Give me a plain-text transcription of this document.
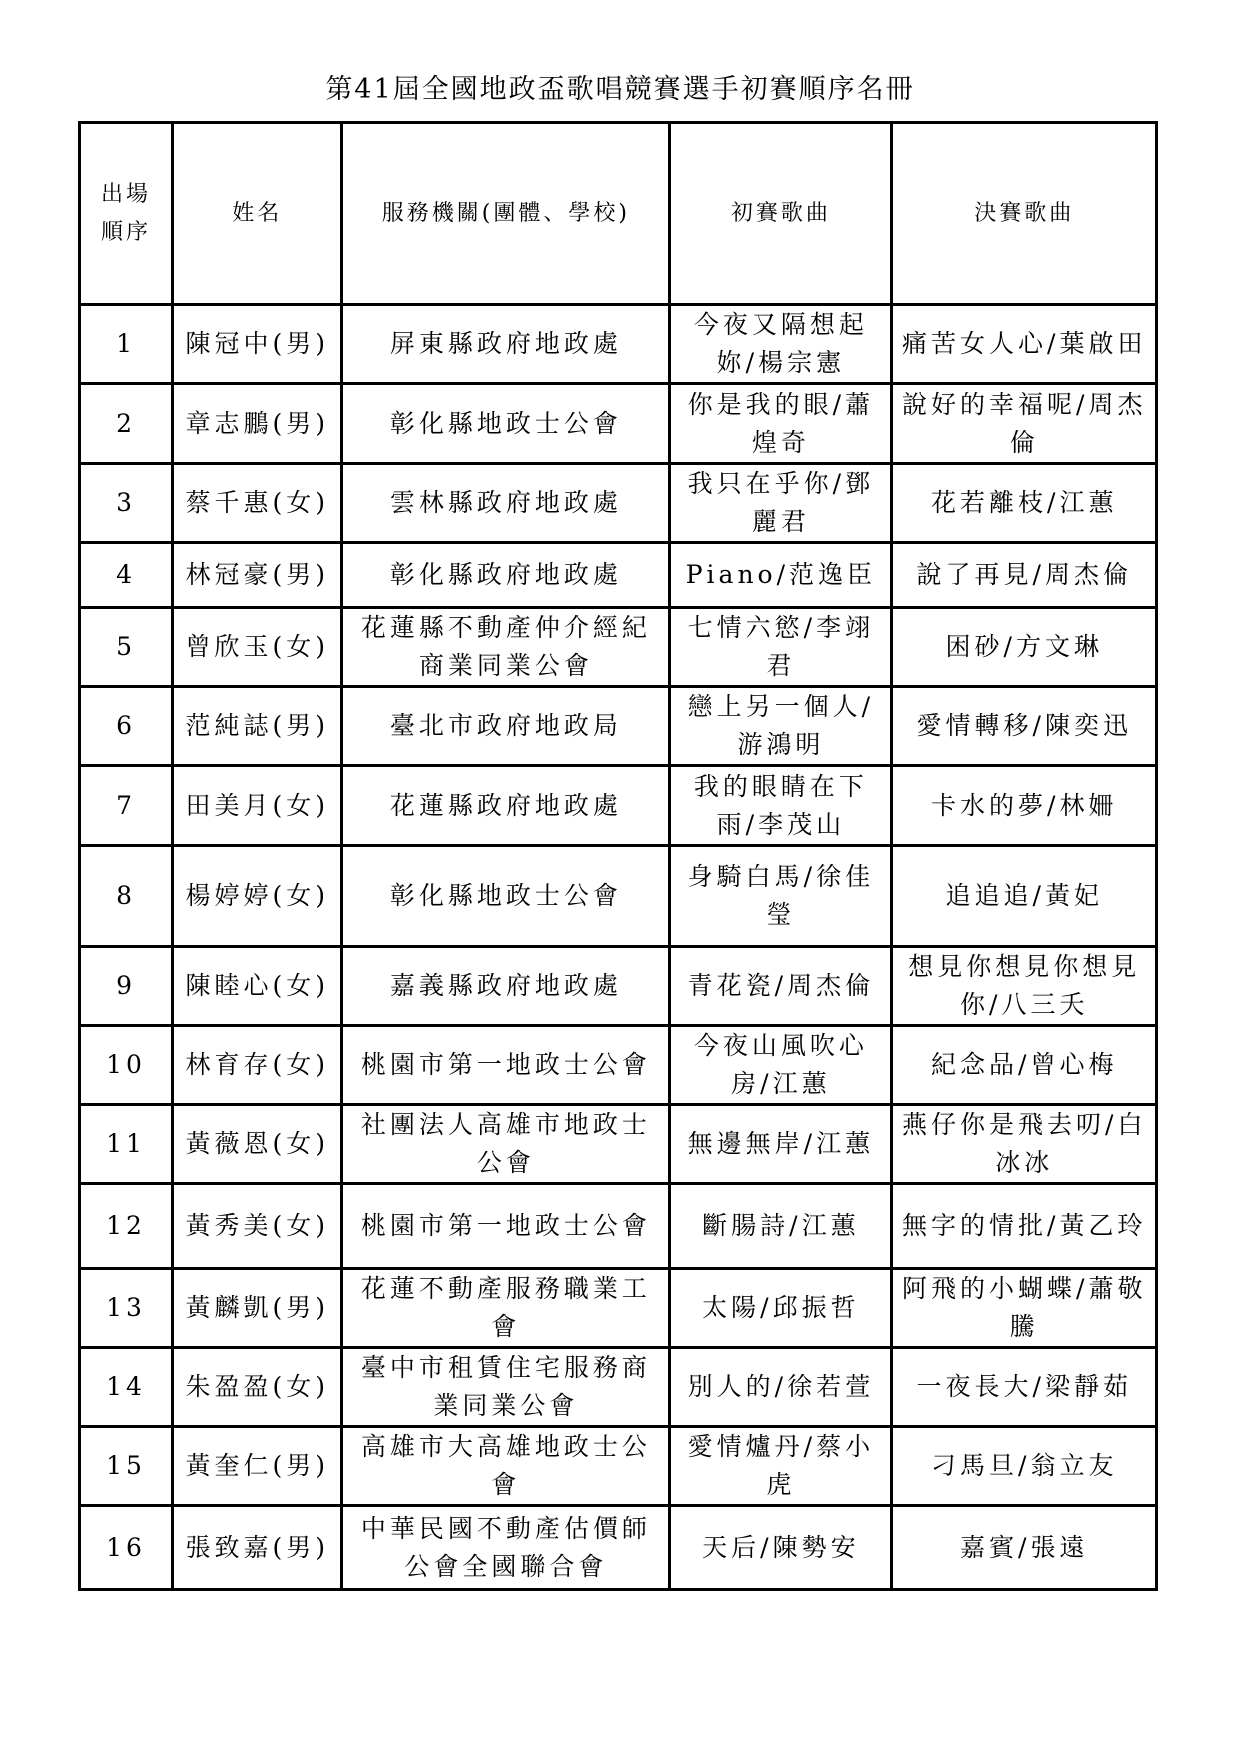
第41屆全國地政盃歌唱競賽選手初賽順序名冊
出場
順序	姓名	服務機關(團體、學校)	初賽歌曲	決賽歌曲
1	陳冠中(男)	屏東縣政府地政處	今夜又隔想起妳/楊宗憲	痛苦女人心/葉啟田
2	章志鵬(男)	彰化縣地政士公會	你是我的眼/蕭煌奇	說好的幸福呢/周杰倫
3	蔡千惠(女)	雲林縣政府地政處	我只在乎你/鄧麗君	花若離枝/江蕙
4	林冠豪(男)	彰化縣政府地政處	Piano/范逸臣	說了再見/周杰倫
5	曾欣玉(女)	花蓮縣不動產仲介經紀商業同業公會	七情六慾/李翊君	困砂/方文琳
6	范純誌(男)	臺北市政府地政局	戀上另一個人/游鴻明	愛情轉移/陳奕迅
7	田美月(女)	花蓮縣政府地政處	我的眼睛在下雨/李茂山	卡水的夢/林姍
8	楊婷婷(女)	彰化縣地政士公會	身騎白馬/徐佳瑩	追追追/黃妃
9	陳睦心(女)	嘉義縣政府地政處	青花瓷/周杰倫	想見你想見你想見你/八三夭
10	林育存(女)	桃園市第一地政士公會	今夜山風吹心房/江蕙	紀念品/曾心梅
11	黃薇恩(女)	社團法人高雄市地政士公會	無邊無岸/江蕙	燕仔你是飛去叨/白冰冰
12	黃秀美(女)	桃園市第一地政士公會	斷腸詩/江蕙	無字的情批/黃乙玲
13	黃麟凱(男)	花蓮不動產服務職業工會	太陽/邱振哲	阿飛的小蝴蝶/蕭敬騰
14	朱盈盈(女)	臺中市租賃住宅服務商業同業公會	別人的/徐若萱	一夜長大/梁靜茹
15	黃奎仁(男)	高雄市大高雄地政士公會	愛情爐丹/蔡小虎	刁馬旦/翁立友
16	張致嘉(男)	中華民國不動產估價師公會全國聯合會	天后/陳勢安	嘉賓/張遠
